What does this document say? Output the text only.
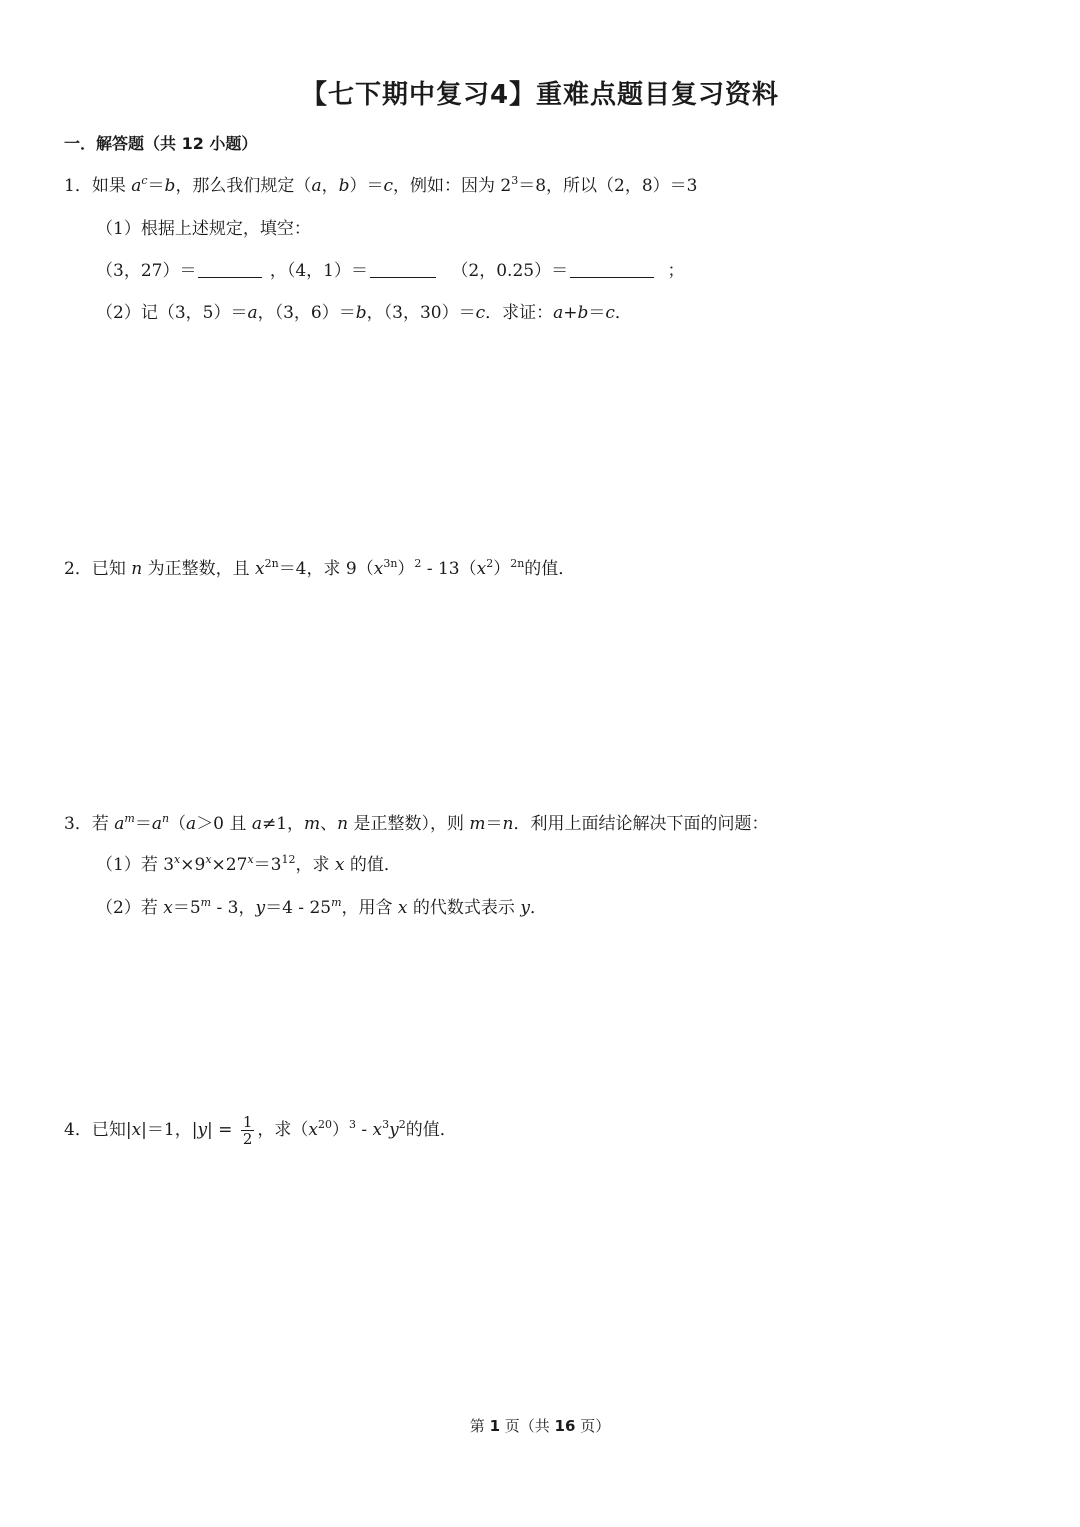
【七下期中复习4】重难点题目复习资料
一．解答题（共 12 小题）
1．如果 $a^c=b$，那么我们规定（a，b）＝c，例如：因为 $2^3=8$，所以（2，8）＝3
（1）根据上述规定，填空：
（3，27）＝	，（4，1）＝	（2，0.25）＝	；
（2）记（3，5）＝a，（3，6）＝b，（3，30）＝c．求证：a+b＝c．
2．已知 n 为正整数，且 $x^{2n}=4$，求 $9(x^{3n})^2 - 13(x^2)^{2n}$的值．
3．若 $a^m=a^n(a>0$ 且 a≠1，m、n 是正整数），则 m＝n．利用上面结论解决下面的问题：
（1）若 $3^x\times 9^x\times 27^x=3^{12}$，求 x 的值．
（2）若 $x=5^m - 3$，y＝4 - 25$^m$，用含 x 的代数式表示 y．
4．已知|x|＝1，$|y| = \frac{1}{2}$ ，求$(x^{20})^3 - x^3y^2$的值．
第 1 页（共 16 页）
